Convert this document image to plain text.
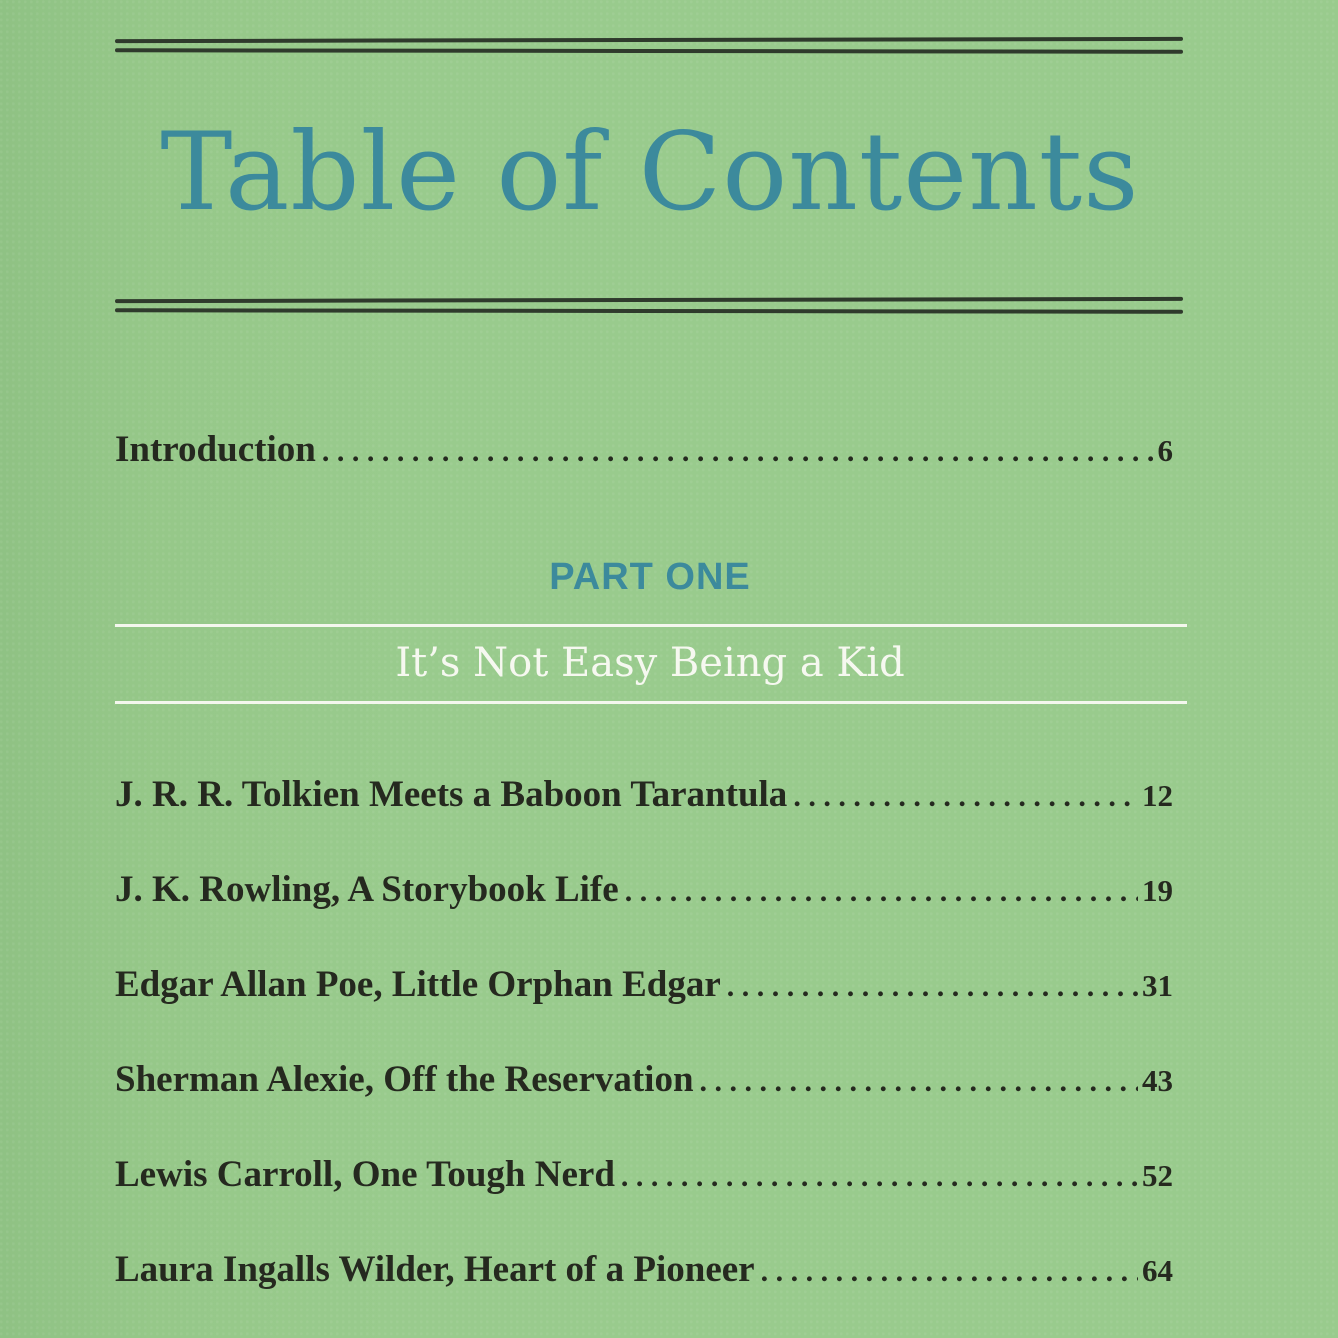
Table of Contents
Introduction . . .	6
PART ONE
It’s Not Easy Being a Kid
J. R. R. Tolkien Meets a Baboon Tarantula . . .	12
J. K. Rowling, A Storybook Life . . .	19
Edgar Allan Poe, Little Orphan Edgar . . .	31
Sherman Alexie, Off the Reservation . . .	43
Lewis Carroll, One Tough Nerd . . .	52
Laura Ingalls Wilder, Heart of a Pioneer . . .	64
